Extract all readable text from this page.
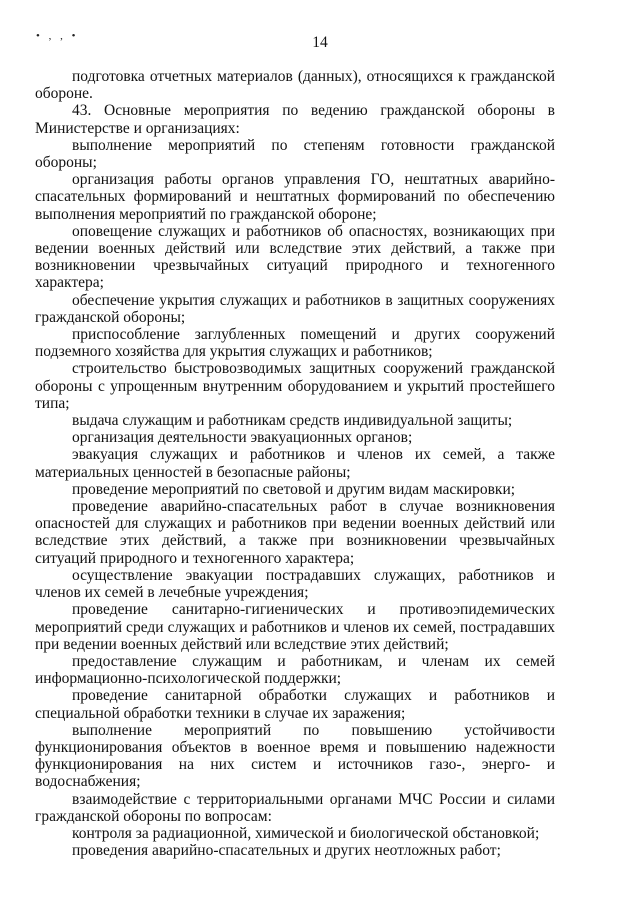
• , , •	14

подготовка отчетных материалов (данных), относящихся к гражданской обороне.

43. Основные мероприятия по ведению гражданской обороны в Министерстве и организациях:

выполнение мероприятий по степеням готовности гражданской обороны;

организация работы органов управления ГО, нештатных аварийно-спасательных формирований и нештатных формирований по обеспечению выполнения мероприятий по гражданской обороне;

оповещение служащих и работников об опасностях, возникающих при ведении военных действий или вследствие этих действий, а также при возникновении чрезвычайных ситуаций природного и техногенного характера;

обеспечение укрытия служащих и работников в защитных сооружениях гражданской обороны;

приспособление заглубленных помещений и других сооружений подземного хозяйства для укрытия служащих и работников;

строительство быстровозводимых защитных сооружений гражданской обороны с упрощенным внутренним оборудованием и укрытий простейшего типа;

выдача служащим и работникам средств индивидуальной защиты;

организация деятельности эвакуационных органов;

эвакуация служащих и работников и членов их семей, а также материальных ценностей в безопасные районы;

проведение мероприятий по световой и другим видам маскировки;

проведение аварийно-спасательных работ в случае возникновения опасностей для служащих и работников при ведении военных действий или вследствие этих действий, а также при возникновении чрезвычайных ситуаций природного и техногенного характера;

осуществление эвакуации пострадавших служащих, работников и членов их семей в лечебные учреждения;

проведение санитарно-гигиенических и противоэпидемических мероприятий среди служащих и работников и членов их семей, пострадавших при ведении военных действий или вследствие этих действий;

предоставление служащим и работникам, и членам их семей информационно-психологической поддержки;

проведение санитарной обработки служащих и работников и специальной обработки техники в случае их заражения;

выполнение мероприятий по повышению устойчивости функционирования объектов в военное время и повышению надежности функционирования на них систем и источников газо-, энерго- и водоснабжения;

взаимодействие с территориальными органами МЧС России и силами гражданской обороны по вопросам:

контроля за радиационной, химической и биологической обстановкой;

проведения аварийно-спасательных и других неотложных работ;
